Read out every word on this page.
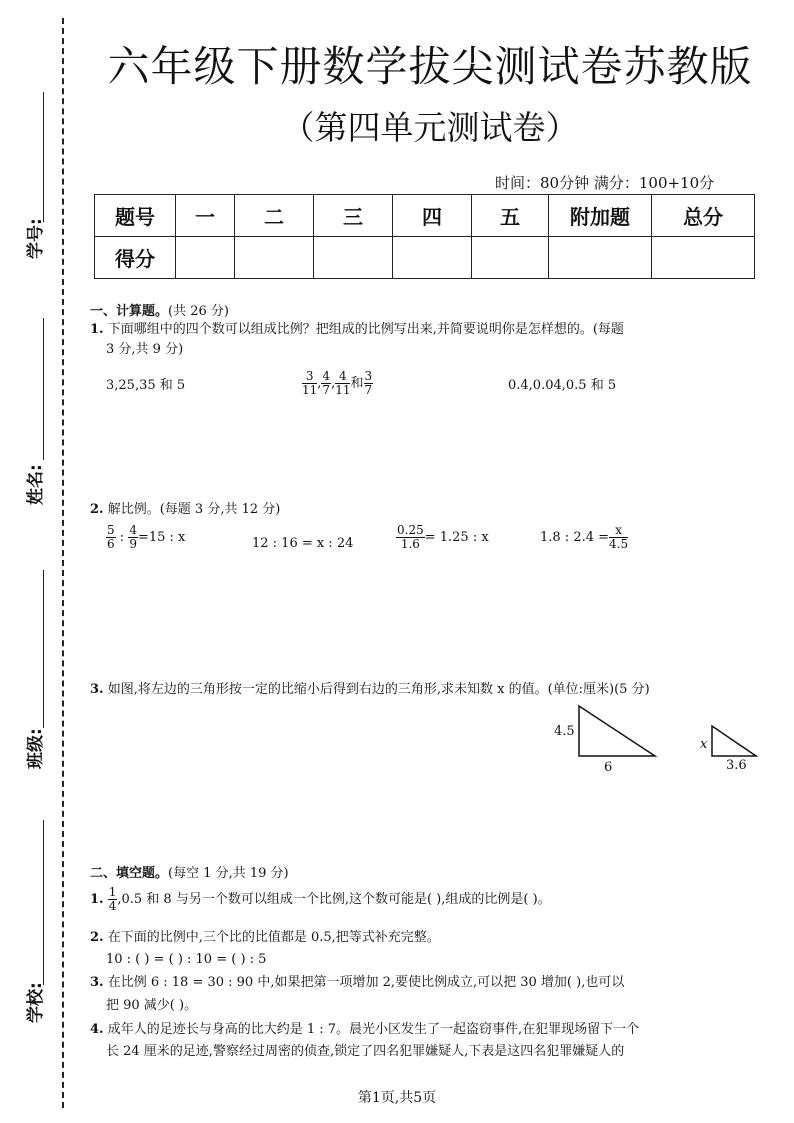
学号:
姓名:
班级:
学校:
六年级下册数学拔尖测试卷苏教版
（第四单元测试卷）
时间：80分钟 满分：100+10分
题号	一	二	三	四	五	附加题	总分
得分							
一、计算题。(共 26 分)
1. 下面哪组中的四个数可以组成比例？把组成的比例写出来,并简要说明你是怎样想的。(每题
3 分,共 9 分)
3,25,35 和 5	$\frac{3}{11}$ , $\frac{4}{7}$ , $\frac{4}{11}$ 和 $\frac{3}{7}$	0.4,0.04,0.5 和 5
2. 解比例。(每题 3 分,共 12 分)
$\frac{5}{6}$ : $\frac{4}{9} =15$ : x	12 : 16 = x : 24	$\frac{0.25}{1.6} = 1.25$ : x	1.8 : $2.4 = \frac{x}{4.5}$
3. 如图,将左边的三角形按一定的比缩小后得到右边的三角形,求未知数 x 的值。(单位:厘米)(5 分)
4.5
6
x
3.6
二、填空题。(每空 1 分,共 19 分)
1. $\frac{1}{4} ,0.5$ 和 8 与另一个数可以组成一个比例,这个数可能是( ),组成的比例是( )。
2. 在下面的比例中,三个比的比值都是 0.5,把等式补充完整。
10 : ( ) = ( ) : 10 = ( ) : 5
3. 在比例 6 : 18 = 30 : 90 中,如果把第一项增加 2,要使比例成立,可以把 30 增加( ),也可以
把 90 减少( )。
4. 成年人的足迹长与身高的比大约是 1 : 7。晨光小区发生了一起盗窃事件,在犯罪现场留下一个
长 24 厘米的足迹,警察经过周密的侦查,锁定了四名犯罪嫌疑人,下表是这四名犯罪嫌疑人的
第1页,共5页
